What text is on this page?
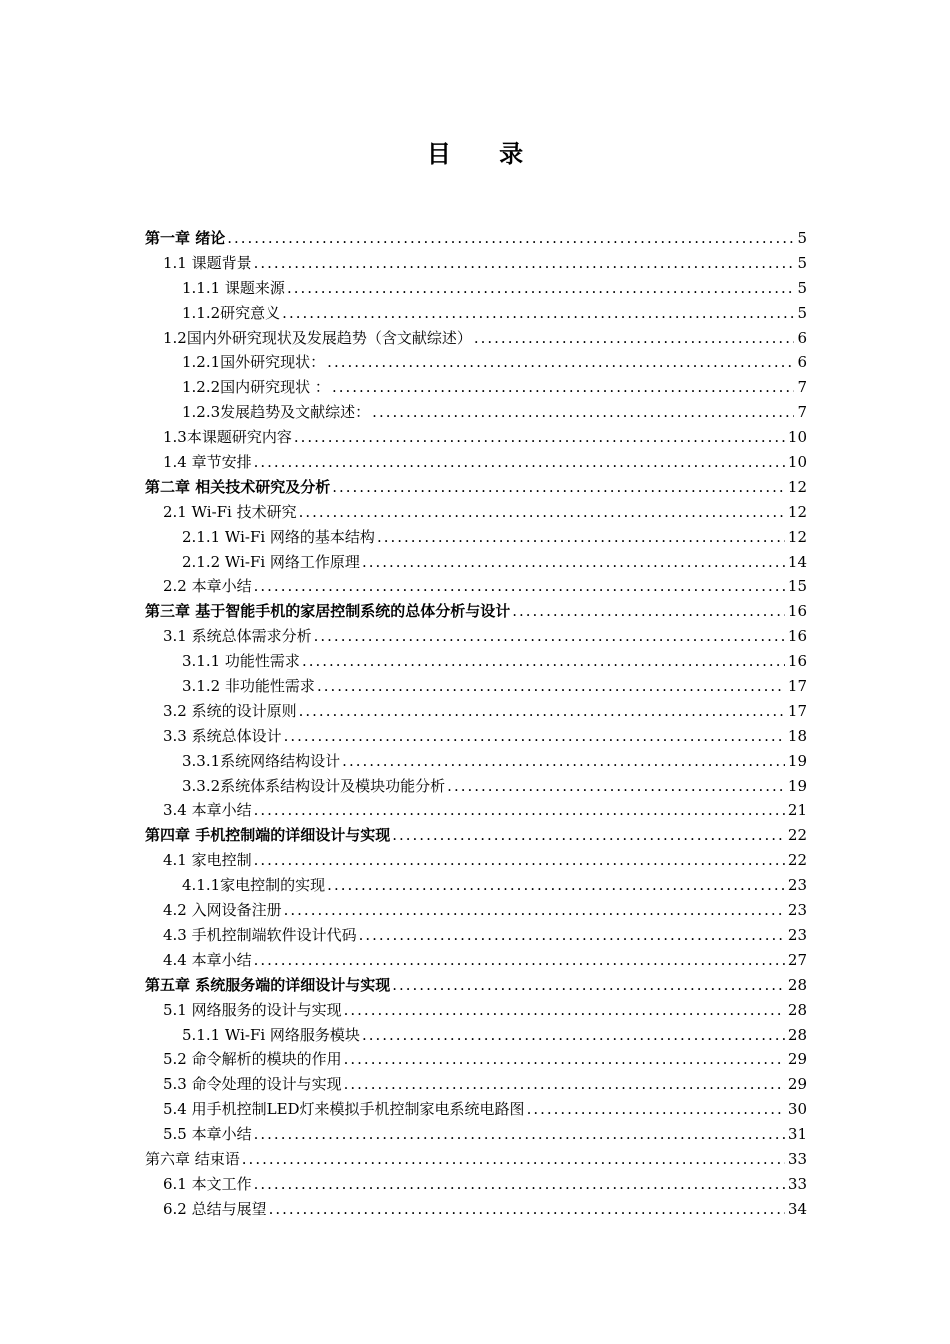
目 录
第一章 绪论 .....	5
1.1 课题背景 .....	5
1.1.1 课题来源 .....	5
1.1.2研究意义 .....	5
1.2国内外研究现状及发展趋势（含文献综述） .....	6
1.2.1国外研究现状： .....	6
1.2.2国内研究现状 ： .....	7
1.2.3发展趋势及文献综述： .....	7
1.3本课题研究内容 .....	10
1.4 章节安排 .....	10
第二章 相关技术研究及分析 .....	12
2.1 Wi-Fi 技术研究 .....	12
2.1.1 Wi-Fi 网络的基本结构 .....	12
2.1.2 Wi-Fi 网络工作原理 .....	14
2.2 本章小结 .....	15
第三章 基于智能手机的家居控制系统的总体分析与设计 .....	16
3.1 系统总体需求分析 .....	16
3.1.1 功能性需求 .....	16
3.1.2 非功能性需求 .....	17
3.2 系统的设计原则 .....	17
3.3 系统总体设计 .....	18
3.3.1系统网络结构设计 .....	19
3.3.2系统体系结构设计及模块功能分析 .....	19
3.4 本章小结 .....	21
第四章 手机控制端的详细设计与实现 .....	22
4.1 家电控制 .....	22
4.1.1家电控制的实现 .....	23
4.2 入网设备注册 .....	23
4.3 手机控制端软件设计代码 .....	23
4.4 本章小结 .....	27
第五章 系统服务端的详细设计与实现 .....	28
5.1 网络服务的设计与实现 .....	28
5.1.1 Wi-Fi 网络服务模块 .....	28
5.2 命令解析的模块的作用 .....	29
5.3 命令处理的设计与实现 .....	29
5.4 用手机控制LED灯来模拟手机控制家电系统电路图 .....	30
5.5 本章小结 .....	31
第六章 结束语 .....	33
6.1 本文工作 .....	33
6.2 总结与展望 .....	34
